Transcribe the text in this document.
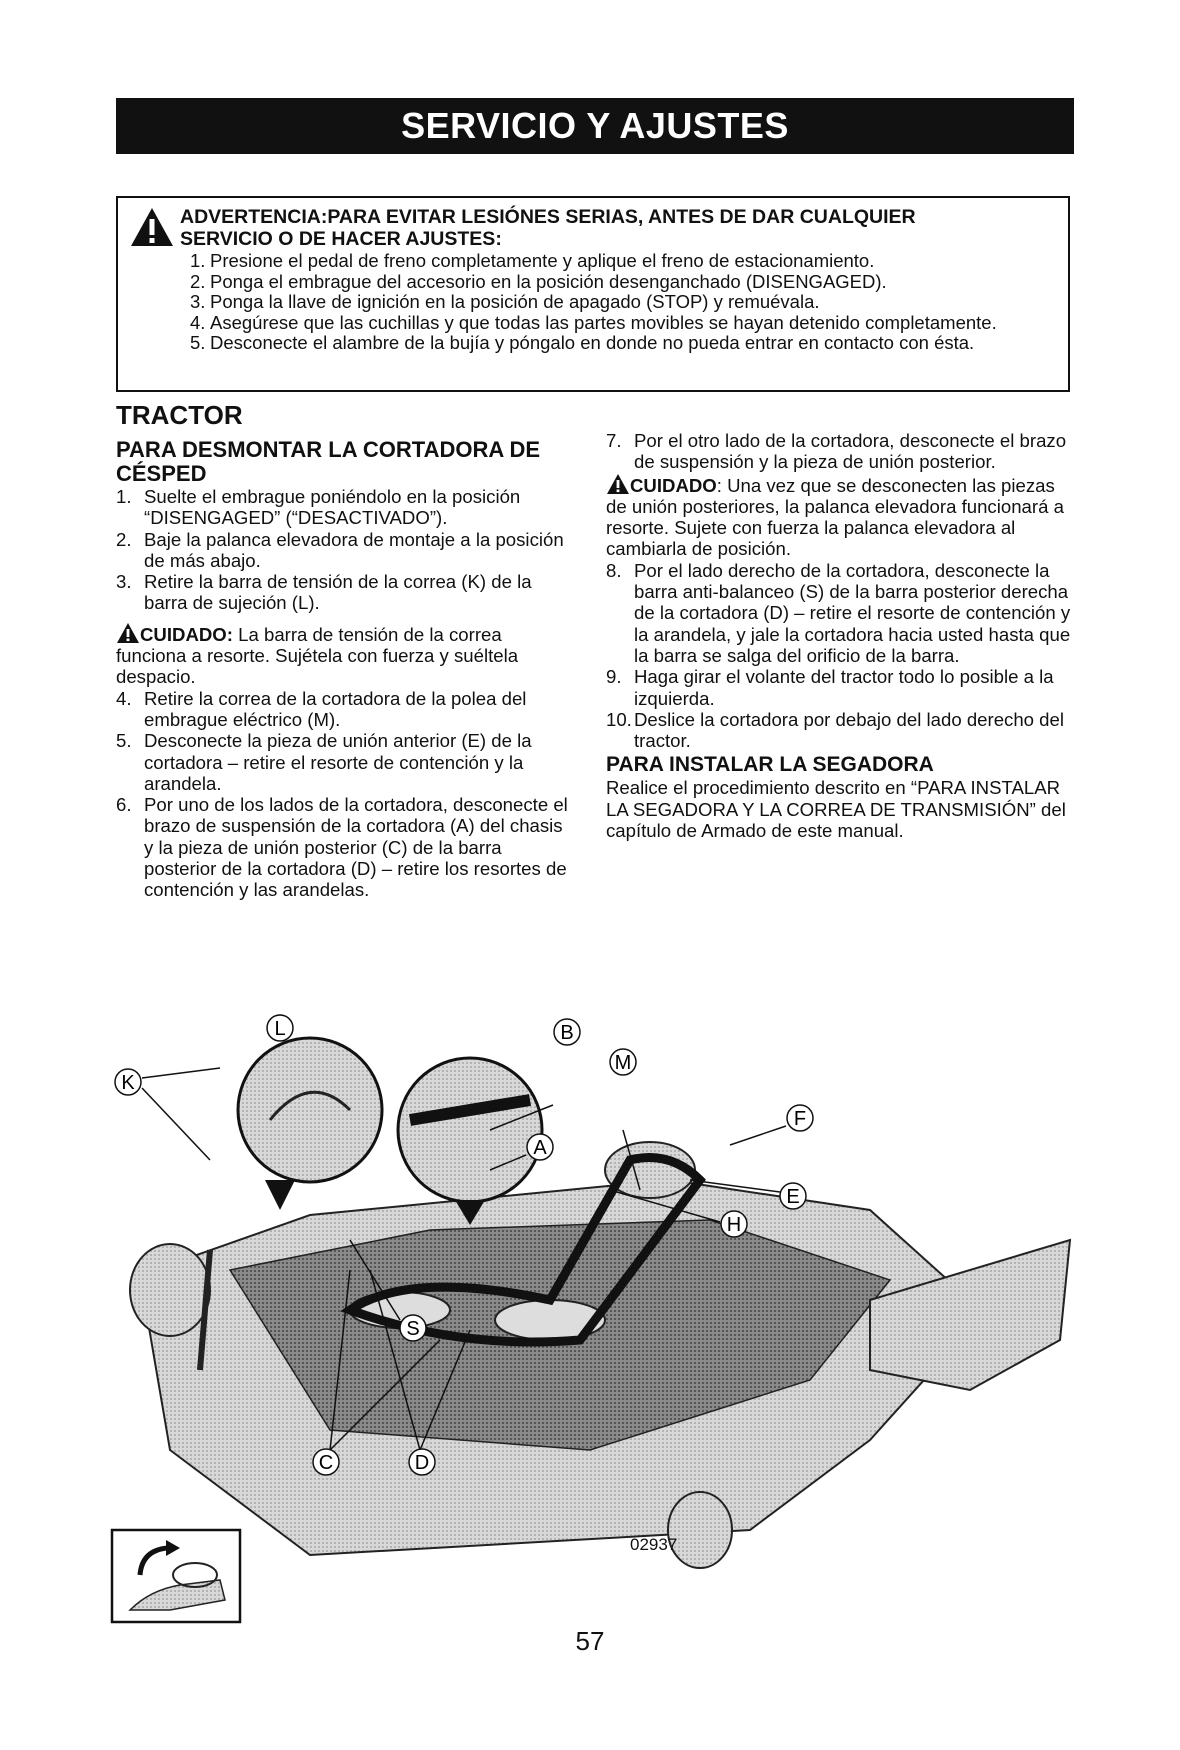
SERVICIO Y AJUSTES
ADVERTENCIA:PARA EVITAR LESIÓNES SERIAS, ANTES DE DAR CUALQUIER
SERVICIO O DE HACER AJUSTES:
1. Presione el pedal de freno completamente y aplique el freno de estacionamiento.
2. Ponga el embrague del accesorio en la posición desenganchado (DISENGAGED).
3. Ponga la llave de ignición en la posición de apagado (STOP) y remuévala.
4. Asegúrese que las cuchillas y que todas las partes movibles se hayan detenido completamente.
5. Desconecte el alambre de la bujía y póngalo en donde no pueda entrar en contacto con ésta.
TRACTOR
PARA DESMONTAR LA CORTADORA DE CÉSPED
1. Suelte el embrague poniéndolo en la posición “DISENGAGED” (“DESACTIVADO”).
2. Baje la palanca elevadora de montaje a la posición de más abajo.
3. Retire la barra de tensión de la correa (K) de la barra de sujeción (L).

CUIDADO: La barra de tensión de la correa funciona a resorte. Sujétela con fuerza y suéltela despacio.

4. Retire la correa de la cortadora de la polea del embrague eléctrico (M).
5. Desconecte la pieza de unión anterior (E) de la cortadora – retire el resorte de contención y la arandela.
6. Por uno de los lados de la cortadora, desconecte el brazo de suspensión de la cortadora (A) del chasis y la pieza de unión posterior (C) de la barra posterior de la cortadora (D) – retire los resortes de contención y las arandelas.
7. Por el otro lado de la cortadora, desconecte el brazo de suspensión y la pieza de unión posterior.

CUIDADO: Una vez que se desconecten las piezas de unión posteriores, la palanca elevadora funcionará a resorte. Sujete con fuerza la palanca elevadora al cambiarla de posición.

8. Por el lado derecho de la cortadora, desconecte la barra anti-balanceo (S) de la barra posterior derecha de la cortadora (D) – retire el resorte de contención y la arandela, y jale la cortadora hacia usted hasta que la barra se salga del orificio de la barra.
9. Haga girar el volante del tractor todo lo posible a la izquierda.
10. Deslice la cortadora por debajo del lado derecho del tractor.
PARA INSTALAR LA SEGADORA

Realice el procedimiento descrito en “PARA INSTALAR LA SEGADORA Y LA CORREA DE TRANSMISIÓN” del capítulo de Armado de este manual.

L
K
B
M
F
A
E
H
S
C	D
02937
57
